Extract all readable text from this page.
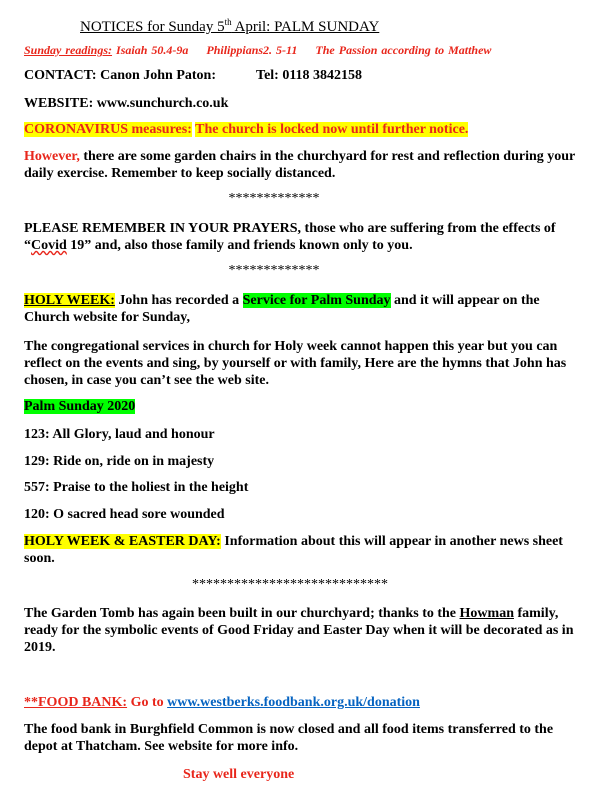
NOTICES for Sunday 5th April: PALM SUNDAY
Sunday readings: Isaiah 50.4-9a Philippians2. 5-11 The Passion according to Matthew
CONTACT: Canon John Paton:	Tel: 0118 3842158
WEBSITE: www.sunchurch.co.uk
CORONAVIRUS measures: The church is locked now until further notice.
However, there are some garden chairs in the churchyard for rest and reflection during your daily exercise. Remember to keep socially distanced.
*************
PLEASE REMEMBER IN YOUR PRAYERS, those who are suffering from the effects of “Covid 19” and, also those family and friends known only to you.
*************
HOLY WEEK: John has recorded a Service for Palm Sunday and it will appear on the Church website for Sunday,
The congregational services in church for Holy week cannot happen this year but you can reflect on the events and sing, by yourself or with family, Here are the hymns that John has chosen, in case you can’t see the web site.
Palm Sunday 2020
123: All Glory, laud and honour
129: Ride on, ride on in majesty
557: Praise to the holiest in the height
120: O sacred head sore wounded
HOLY WEEK & EASTER DAY: Information about this will appear in another news sheet soon.
****************************
The Garden Tomb has again been built in our churchyard; thanks to the Howman family, ready for the symbolic events of Good Friday and Easter Day when it will be decorated as in 2019.
**FOOD BANK: Go to www.westberks.foodbank.org.uk/donation
The food bank in Burghfield Common is now closed and all food items transferred to the depot at Thatcham. See website for more info.
Stay well everyone
